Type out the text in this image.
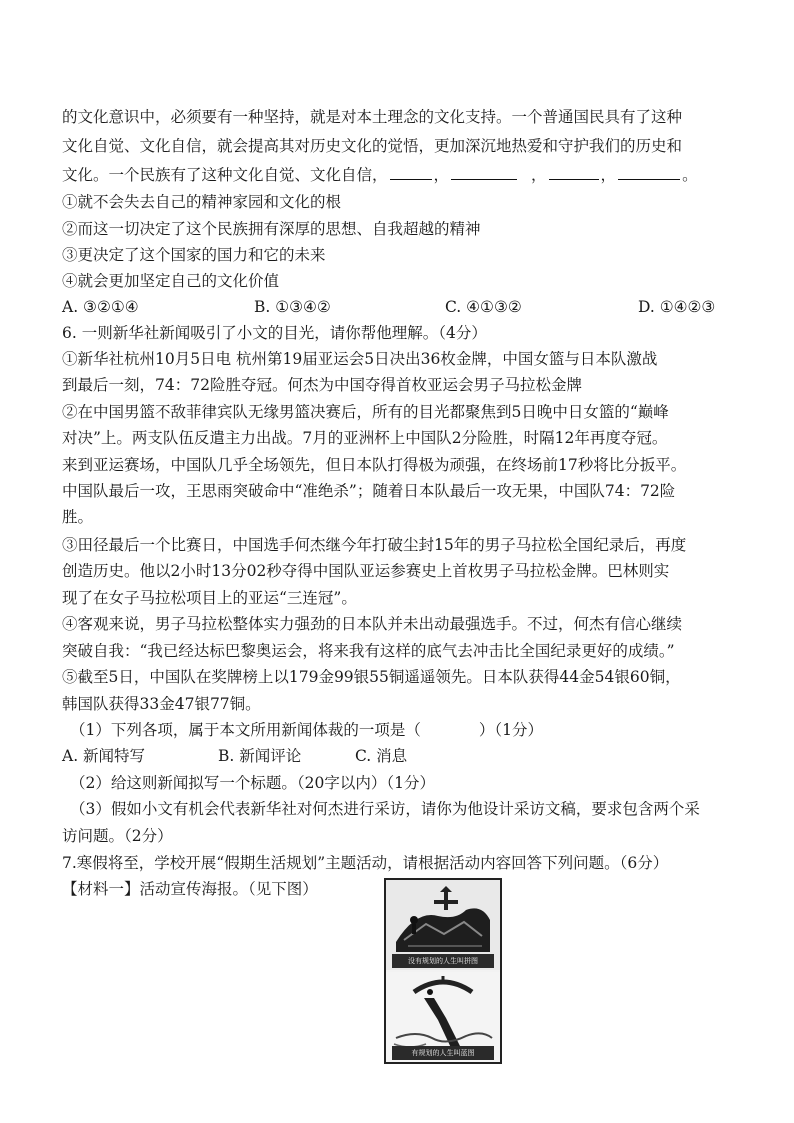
的文化意识中，必须要有一种坚持，就是对本土理念的文化支持。一个普通国民具有了这种
文化自觉、文化自信，就会提高其对历史文化的觉悟，更加深沉地热爱和守护我们的历史和
文化。一个民族有了这种文化自觉、文化自信，	，	，	，	。
①就不会失去自己的精神家园和文化的根
②而这一切决定了这个民族拥有深厚的思想、自我超越的精神
③更决定了这个国家的国力和它的未来
④就会更加坚定自己的文化价值
A. ③②①④	B. ①③④②	C. ④①③②	D. ①④②③
6. 一则新华社新闻吸引了小文的目光，请你帮他理解。（4分）
①新华社杭州10月5日电 杭州第19届亚运会5日决出36枚金牌，中国女篮与日本队激战
到最后一刻，74：72险胜夺冠。何杰为中国夺得首枚亚运会男子马拉松金牌
②在中国男篮不敌菲律宾队无缘男篮决赛后，所有的目光都聚焦到5日晚中日女篮的“巅峰
对决”上。两支队伍反遣主力出战。7月的亚洲杯上中国队2分险胜，时隔12年再度夺冠。
来到亚运赛场，中国队几乎全场领先，但日本队打得极为顽强，在终场前17秒将比分扳平。
中国队最后一攻，王思雨突破命中“准绝杀”；随着日本队最后一攻无果，中国队74：72险
胜。
③田径最后一个比赛日，中国选手何杰继今年打破尘封15年的男子马拉松全国纪录后，再度
创造历史。他以2小时13分02秒夺得中国队亚运参赛史上首枚男子马拉松金牌。巴林则实
现了在女子马拉松项目上的亚运“三连冠”。
④客观来说，男子马拉松整体实力强劲的日本队并未出动最强选手。不过，何杰有信心继续
突破自我：“我已经达标巴黎奥运会，将来我有这样的底气去冲击比全国纪录更好的成绩。”
⑤截至5日，中国队在奖牌榜上以179金99银55铜遥遥领先。日本队获得44金54银60铜，
韩国队获得33金47银77铜。
（1）下列各项，属于本文所用新闻体裁的一项是（	）（1分）
A. 新闻特写	B. 新闻评论	C. 消息
（2）给这则新闻拟写一个标题。（20字以内）（1分）
（3）假如小文有机会代表新华社对何杰进行采访，请你为他设计采访文稿，要求包含两个采
访问题。（2分）
7.寒假将至，学校开展“假期生活规划”主题活动，请根据活动内容回答下列问题。（6分）
【材料一】活动宣传海报。（见下图）
没有规划的人生叫拼图
有规划的人生叫蓝图
